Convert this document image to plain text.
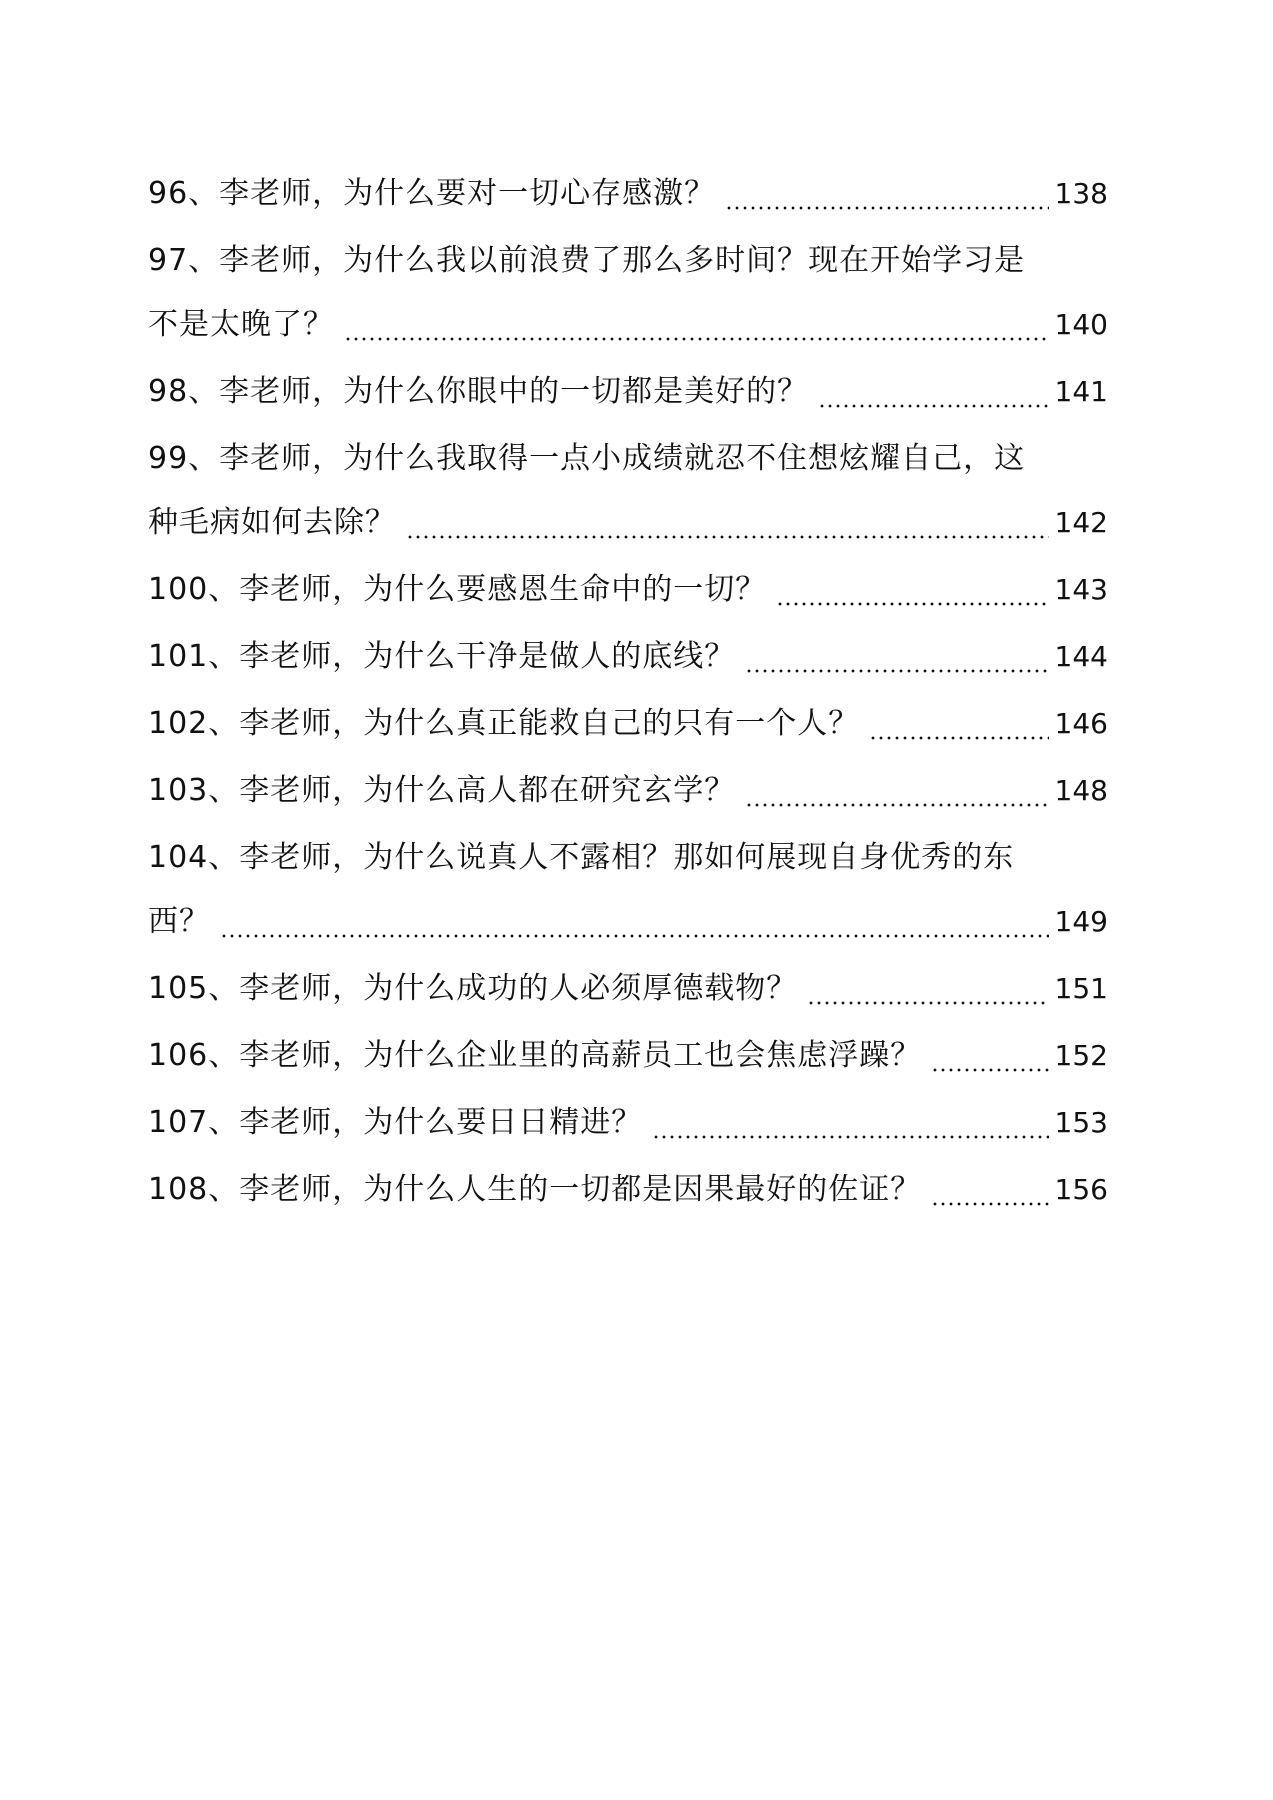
96、李老师，为什么要对一切心存感激？	138
97、李老师，为什么我以前浪费了那么多时间？现在开始学习是
不是太晚了？	140
98、李老师，为什么你眼中的一切都是美好的？	141
99、李老师，为什么我取得一点小成绩就忍不住想炫耀自己，这
种毛病如何去除？	142
100、李老师，为什么要感恩生命中的一切？	143
101、李老师，为什么干净是做人的底线？	144
102、李老师，为什么真正能救自己的只有一个人？	146
103、李老师，为什么高人都在研究玄学？	148
104、李老师，为什么说真人不露相？那如何展现自身优秀的东
西？	149
105、李老师，为什么成功的人必须厚德载物？	151
106、李老师，为什么企业里的高薪员工也会焦虑浮躁？	152
107、李老师，为什么要日日精进？	153
108、李老师，为什么人生的一切都是因果最好的佐证？	156
